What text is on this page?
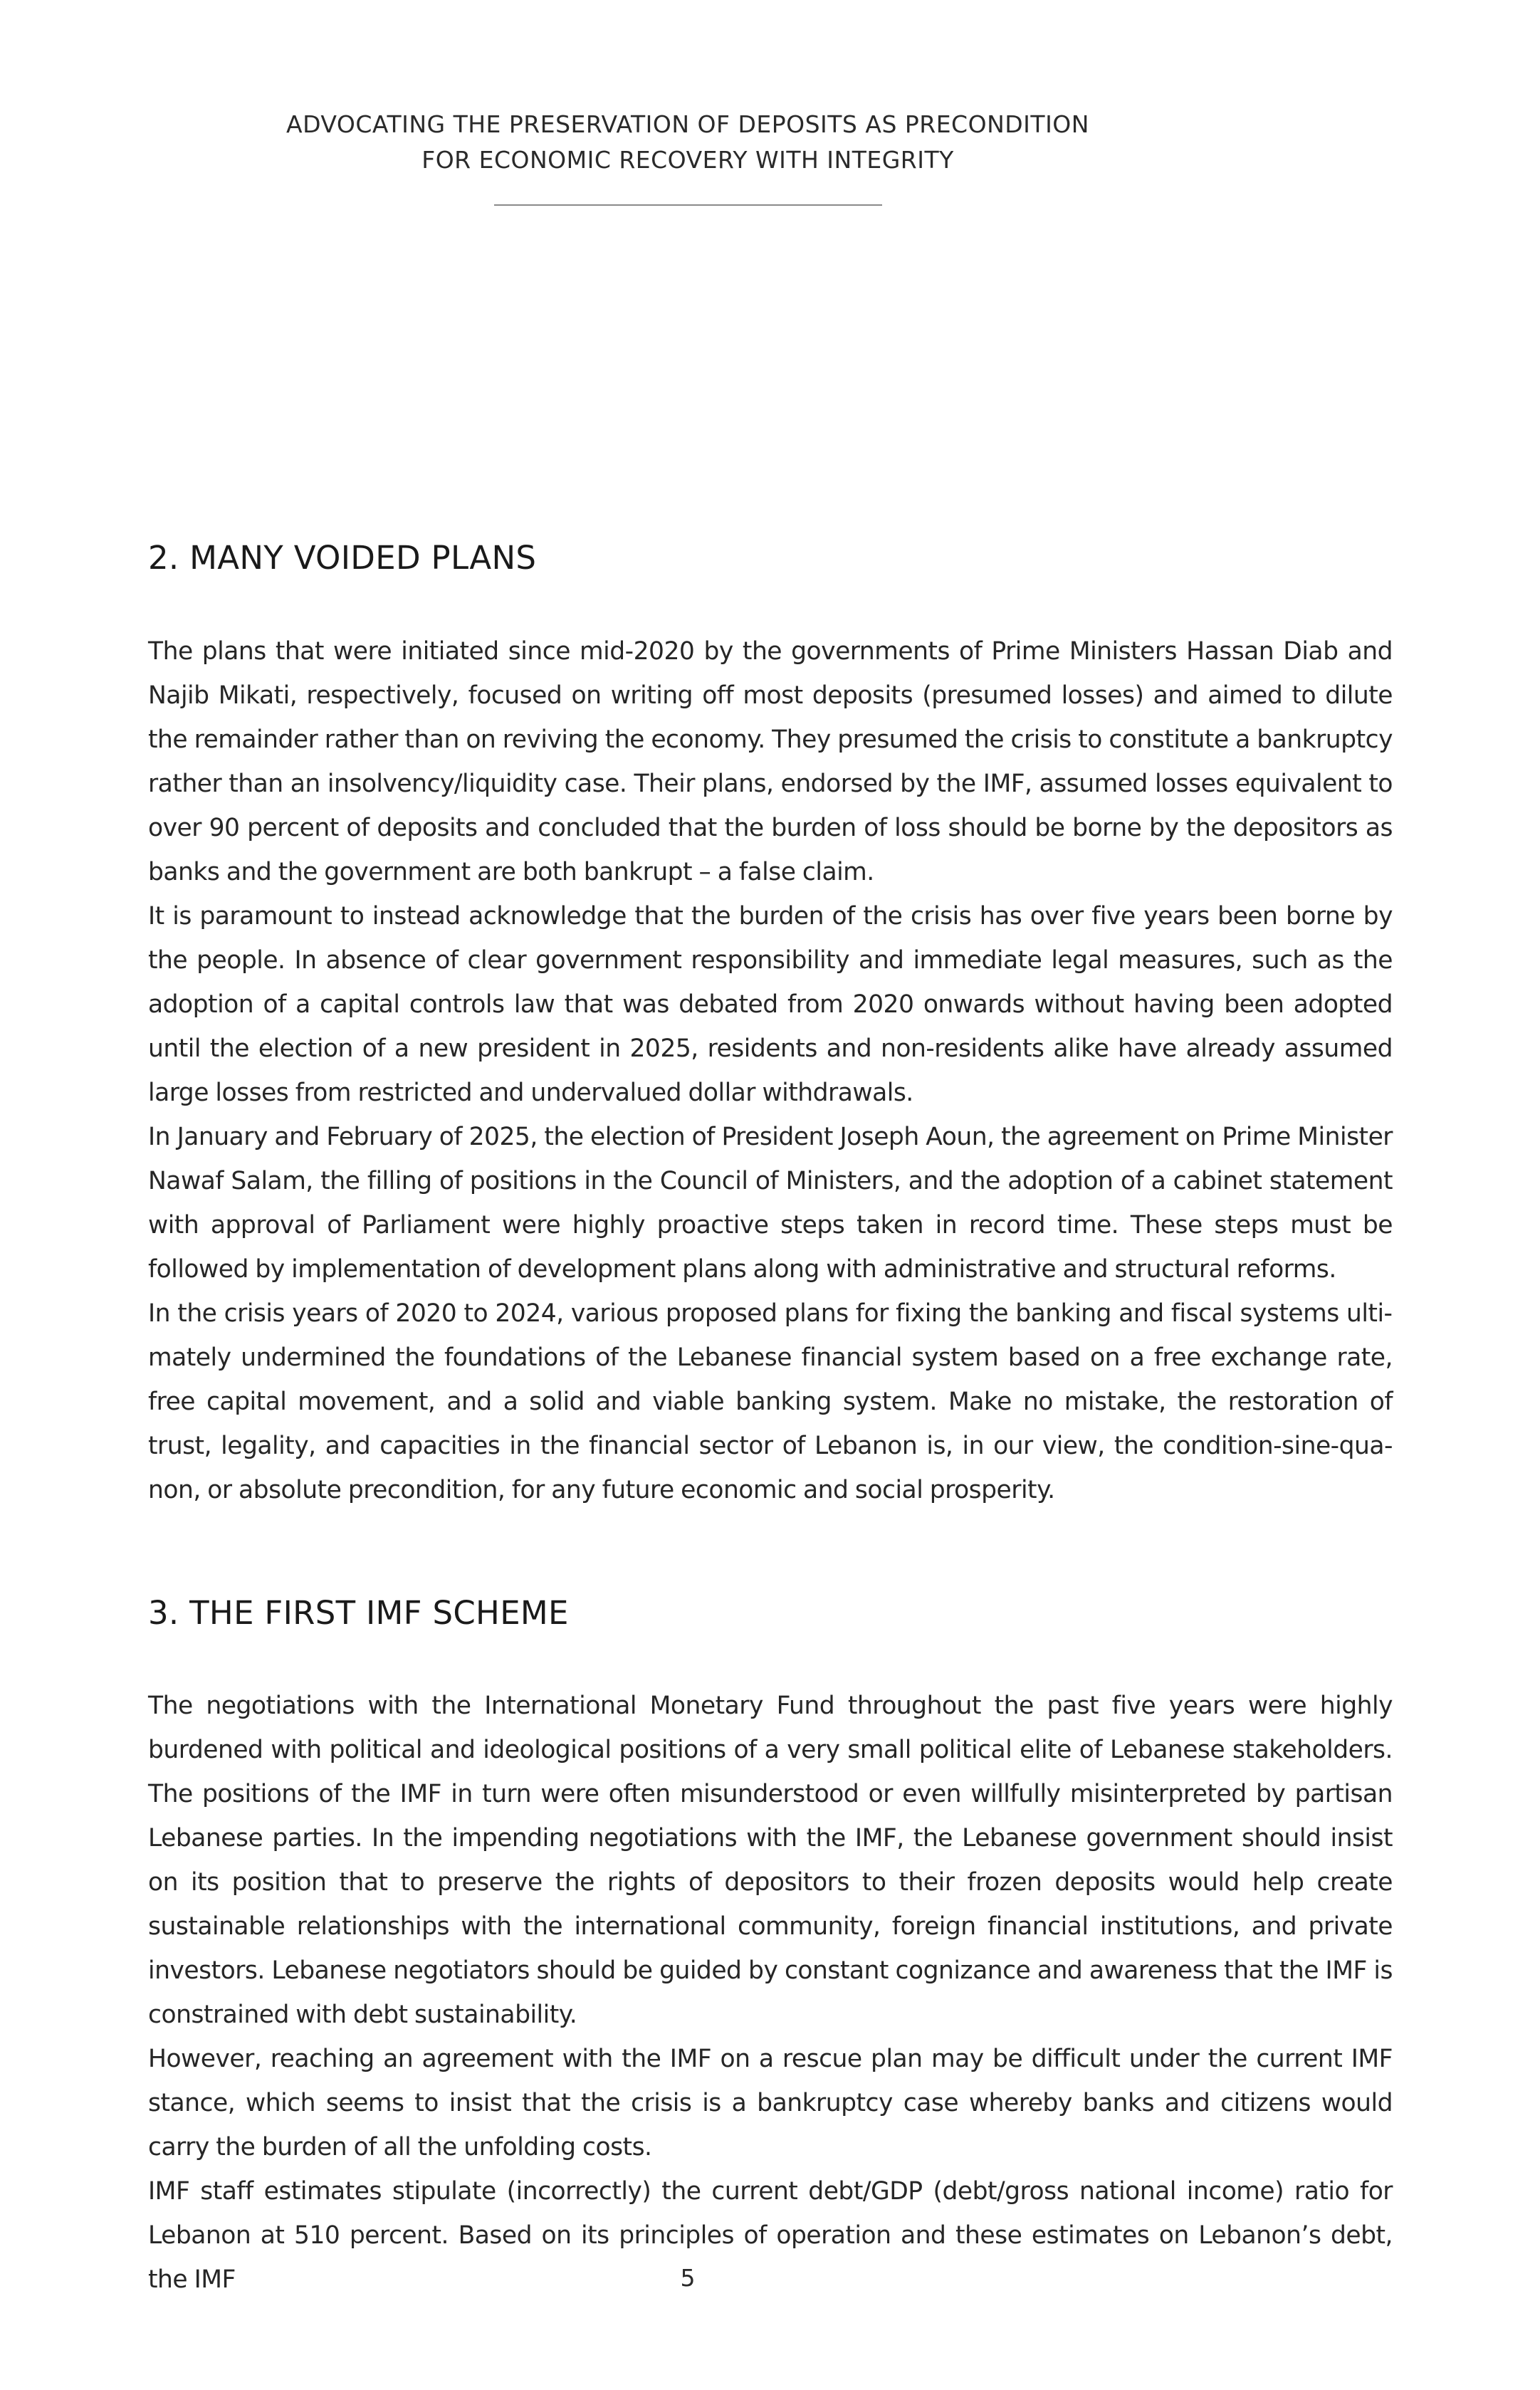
ADVOCATING THE PRESERVATION OF DEPOSITS AS PRECONDITION
FOR ECONOMIC RECOVERY WITH INTEGRITY
2. MANY VOIDED PLANS

The plans that were initiated since mid-2020 by the governments of Prime Ministers Hassan Diab and Najib Mikati, respectively, focused on writing off most deposits (presumed losses) and aimed to dilute the remainder rather than on reviving the economy. They presumed the crisis to constitute a bankruptcy rather than an insolvency/liquidity case. Their plans, endorsed by the IMF, assumed losses equivalent to over 90 percent of deposits and concluded that the burden of loss should be borne by the depositors as banks and the government are both bankrupt – a false claim.

It is paramount to instead acknowledge that the burden of the crisis has over five years been borne by the people. In absence of clear government responsibility and immediate legal measures, such as the adoption of a capital controls law that was debated from 2020 onwards without having been adopted until the election of a new president in 2025, residents and non-residents alike have already assumed large losses from restricted and undervalued dollar withdrawals.

In January and February of 2025, the election of President Joseph Aoun, the agreement on Prime Minister Nawaf Salam, the filling of positions in the Council of Ministers, and the adoption of a cabinet statement with approval of Parliament were highly proactive steps taken in record time. These steps must be followed by implementation of development plans along with administrative and structural reforms.

In the crisis years of 2020 to 2024, various proposed plans for fixing the banking and fiscal systems ultimately undermined the foundations of the Lebanese financial system based on a free exchange rate, free capital movement, and a solid and viable banking system. Make no mistake, the restoration of trust, legality, and capacities in the financial sector of Lebanon is, in our view, the condition-sine-qua-non, or absolute precondition, for any future economic and social prosperity.

3. THE FIRST IMF SCHEME

The negotiations with the International Monetary Fund throughout the past five years were highly burdened with political and ideological positions of a very small political elite of Lebanese stakeholders. The positions of the IMF in turn were often misunderstood or even willfully misinterpreted by partisan Lebanese parties. In the impending negotiations with the IMF, the Lebanese government should insist on its position that to preserve the rights of depositors to their frozen deposits would help create sustainable relationships with the international community, foreign financial institutions, and private investors. Lebanese negotiators should be guided by constant cognizance and awareness that the IMF is constrained with debt sustainability.

However, reaching an agreement with the IMF on a rescue plan may be difficult under the current IMF stance, which seems to insist that the crisis is a bankruptcy case whereby banks and citizens would carry the burden of all the unfolding costs.

IMF staff estimates stipulate (incorrectly) the current debt/GDP (debt/gross national income) ratio for Lebanon at 510 percent. Based on its principles of operation and these estimates on Lebanon’s debt, the IMF	5
